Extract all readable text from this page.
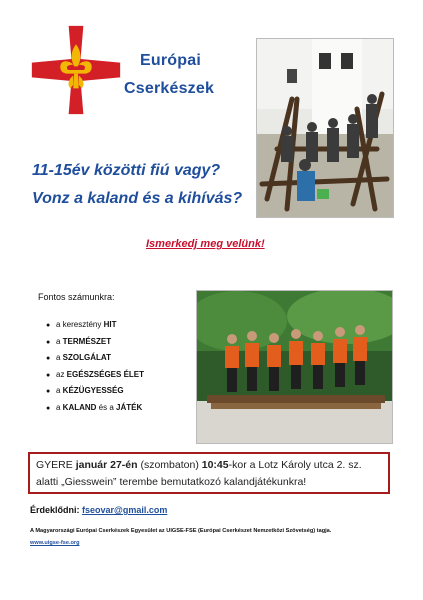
Európai
Cserkészek
11-15év közötti fiú vagy?
Vonz a kaland és a kihívás?
Ismerkedj meg velünk!
Fontos számunkra:
● a keresztény HIT
● a TERMÉSZET
● a SZOLGÁLAT
● az EGÉSZSÉGES ÉLET
● a KÉZÜGYESSÉG
● a KALAND és a JÁTÉK
GYERE január 27-én (szombaton) 10:45-kor a Lotz Károly utca 2. sz. alatti „Giesswein” terembe bemutatkozó kalandjátékunkra!
Érdeklődni: fseovar@gmail.com
A Magyarországi Európai Cserkészek Egyesület az UIGSE-FSE (Európai Cserkészet Nemzetközi Szövetség) tagja.
www.uigse-fse.org
